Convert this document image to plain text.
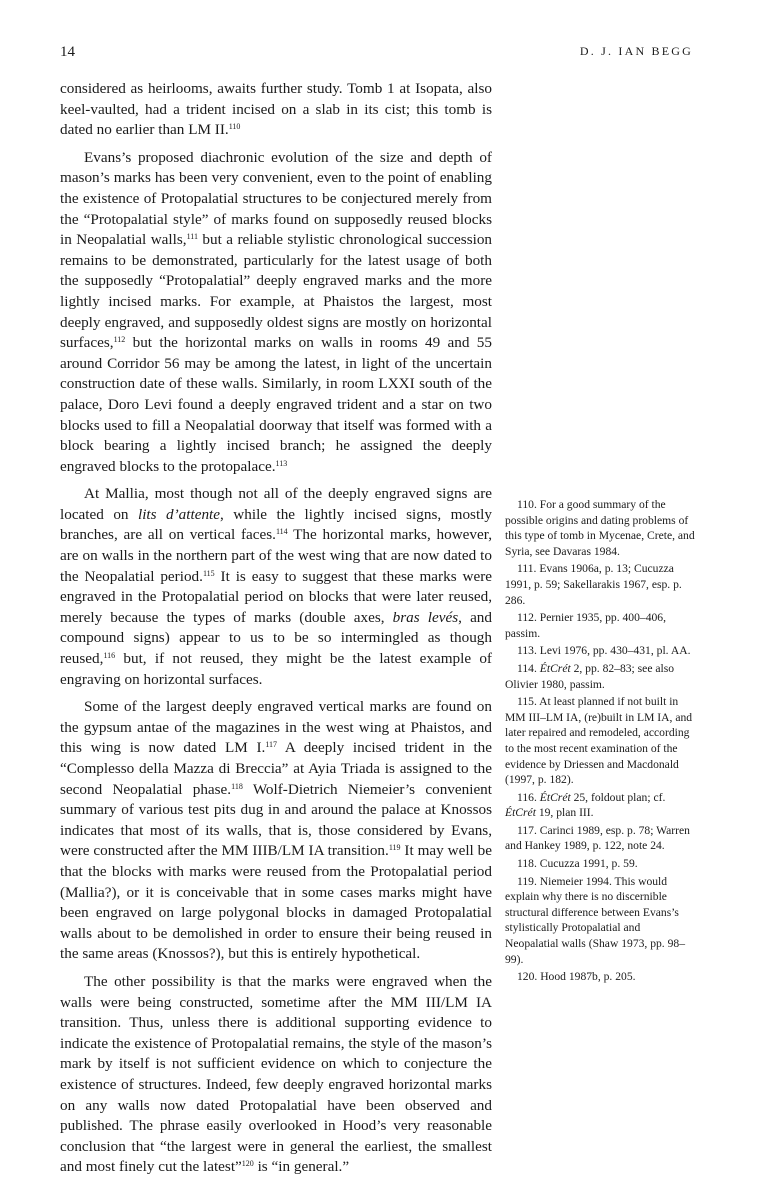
14	D. J. IAN BEGG

considered as heirlooms, awaits further study. Tomb 1 at Isopata, also keel-vaulted, had a trident incised on a slab in its cist; this tomb is dated no earlier than LM II.$^{110}$

Evans’s proposed diachronic evolution of the size and depth of mason’s marks has been very convenient, even to the point of enabling the existence of Protopalatial structures to be conjectured merely from the “Protopalatial style” of marks found on supposedly reused blocks in Neopalatial walls,$^{111}$ but a reliable stylistic chronological succession remains to be demonstrated, particularly for the latest usage of both the supposedly “Protopalatial” deeply engraved marks and the more lightly incised marks. For example, at Phaistos the largest, most deeply engraved, and supposedly oldest signs are mostly on horizontal surfaces,$^{112}$ but the horizontal marks on walls in rooms 49 and 55 around Corridor 56 may be among the latest, in light of the uncertain construction date of these walls. Similarly, in room LXXI south of the palace, Doro Levi found a deeply engraved trident and a star on two blocks used to fill a Neopalatial doorway that itself was formed with a block bearing a lightly incised branch; he assigned the deeply engraved blocks to the protopalace.$^{113}$

At Mallia, most though not all of the deeply engraved signs are located on lits d’attente, while the lightly incised signs, mostly branches, are all on vertical faces.$^{114}$ The horizontal marks, however, are on walls in the northern part of the west wing that are now dated to the Neopalatial period.$^{115}$ It is easy to suggest that these marks were engraved in the Protopalatial period on blocks that were later reused, merely because the types of marks (double axes, bras levés, and compound signs) appear to us to be so intermingled as though reused,$^{116}$ but, if not reused, they might be the latest example of engraving on horizontal surfaces.

Some of the largest deeply engraved vertical marks are found on the gypsum antae of the magazines in the west wing at Phaistos, and this wing is now dated LM I.$^{117}$ A deeply incised trident in the “Complesso della Mazza di Breccia” at Ayia Triada is assigned to the second Neopalatial phase.$^{118}$ Wolf-Dietrich Niemeier’s convenient summary of various test pits dug in and around the palace at Knossos indicates that most of its walls, that is, those considered by Evans, were constructed after the MM IIIB/LM IA transition.$^{119}$ It may well be that the blocks with marks were reused from the Protopalatial period (Mallia?), or it is conceivable that in some cases marks might have been engraved on large polygonal blocks in damaged Protopalatial walls about to be demolished in order to ensure their being reused in the same areas (Knossos?), but this is entirely hypothetical.

The other possibility is that the marks were engraved when the walls were being constructed, sometime after the MM III/LM IA transition. Thus, unless there is additional supporting evidence to indicate the existence of Protopalatial remains, the style of the mason’s mark by itself is not sufficient evidence on which to conjecture the existence of structures. Indeed, few deeply engraved horizontal marks on any walls now dated Protopalatial have been observed and published. The phrase easily overlooked in Hood’s very reasonable conclusion that “the largest were in general the earliest, the smallest and most finely cut the latest”$^{120}$ is “in general.”

110. For a good summary of the possible origins and dating problems of this type of tomb in Mycenae, Crete, and Syria, see Davaras 1984.

111. Evans 1906a, p. 13; Cucuzza 1991, p. 59; Sakellarakis 1967, esp. p. 286.

112. Pernier 1935, pp. 400–406, passim.

113. Levi 1976, pp. 430–431, pl. AA.

114. ÉtCrét 2, pp. 82–83; see also Olivier 1980, passim.

115. At least planned if not built in MM III–LM IA, (re)built in LM IA, and later repaired and remodeled, according to the most recent examination of the evidence by Driessen and Macdonald (1997, p. 182).

116. ÉtCrét 25, foldout plan; cf. ÉtCrét 19, plan III.

117. Carinci 1989, esp. p. 78; Warren and Hankey 1989, p. 122, note 24.

118. Cucuzza 1991, p. 59.

119. Niemeier 1994. This would explain why there is no discernible structural difference between Evans’s stylistically Protopalatial and Neopalatial walls (Shaw 1973, pp. 98–99).

120. Hood 1987b, p. 205.
